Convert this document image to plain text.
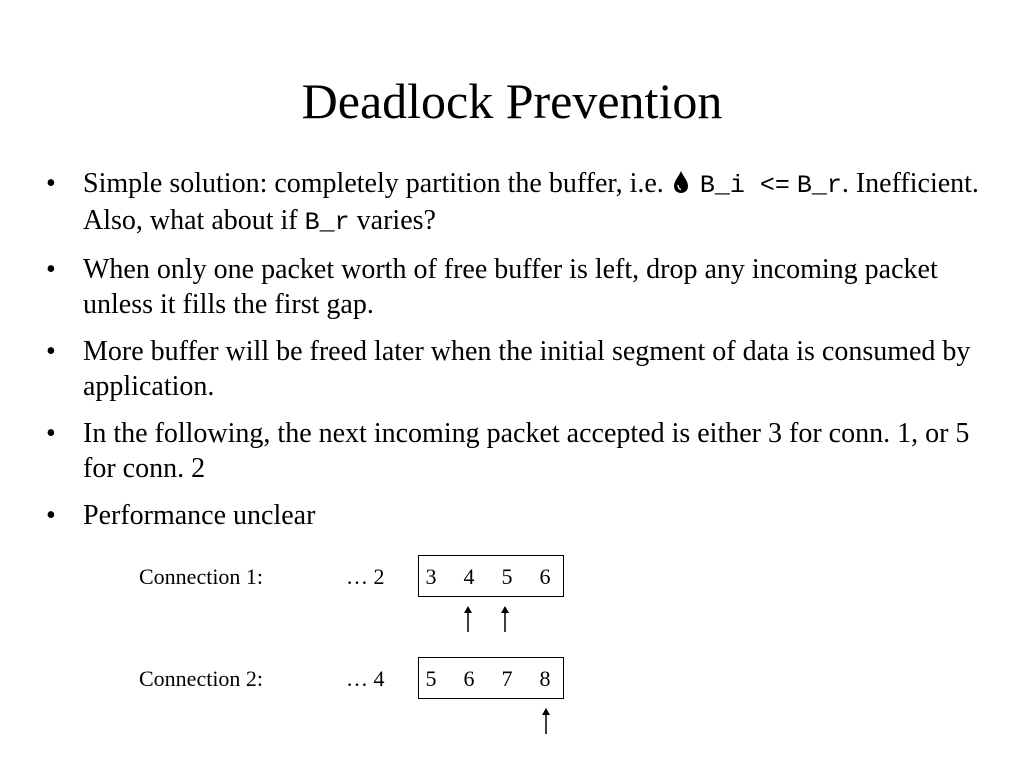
Deadlock Prevention
• Simple solution: completely partition the buffer, i.e. B_i <= B_r. Inefficient. Also, what about if B_r varies?
• When only one packet worth of free buffer is left, drop any incoming packet unless it fills the first gap.
• More buffer will be freed later when the initial segment of data is consumed by application.
• In the following, the next incoming packet accepted is either 3 for conn. 1, or 5 for conn. 2
• Performance unclear
Connection 1:	… 2 3 4 5 6
Connection 2:	… 4 5 6 7 8
